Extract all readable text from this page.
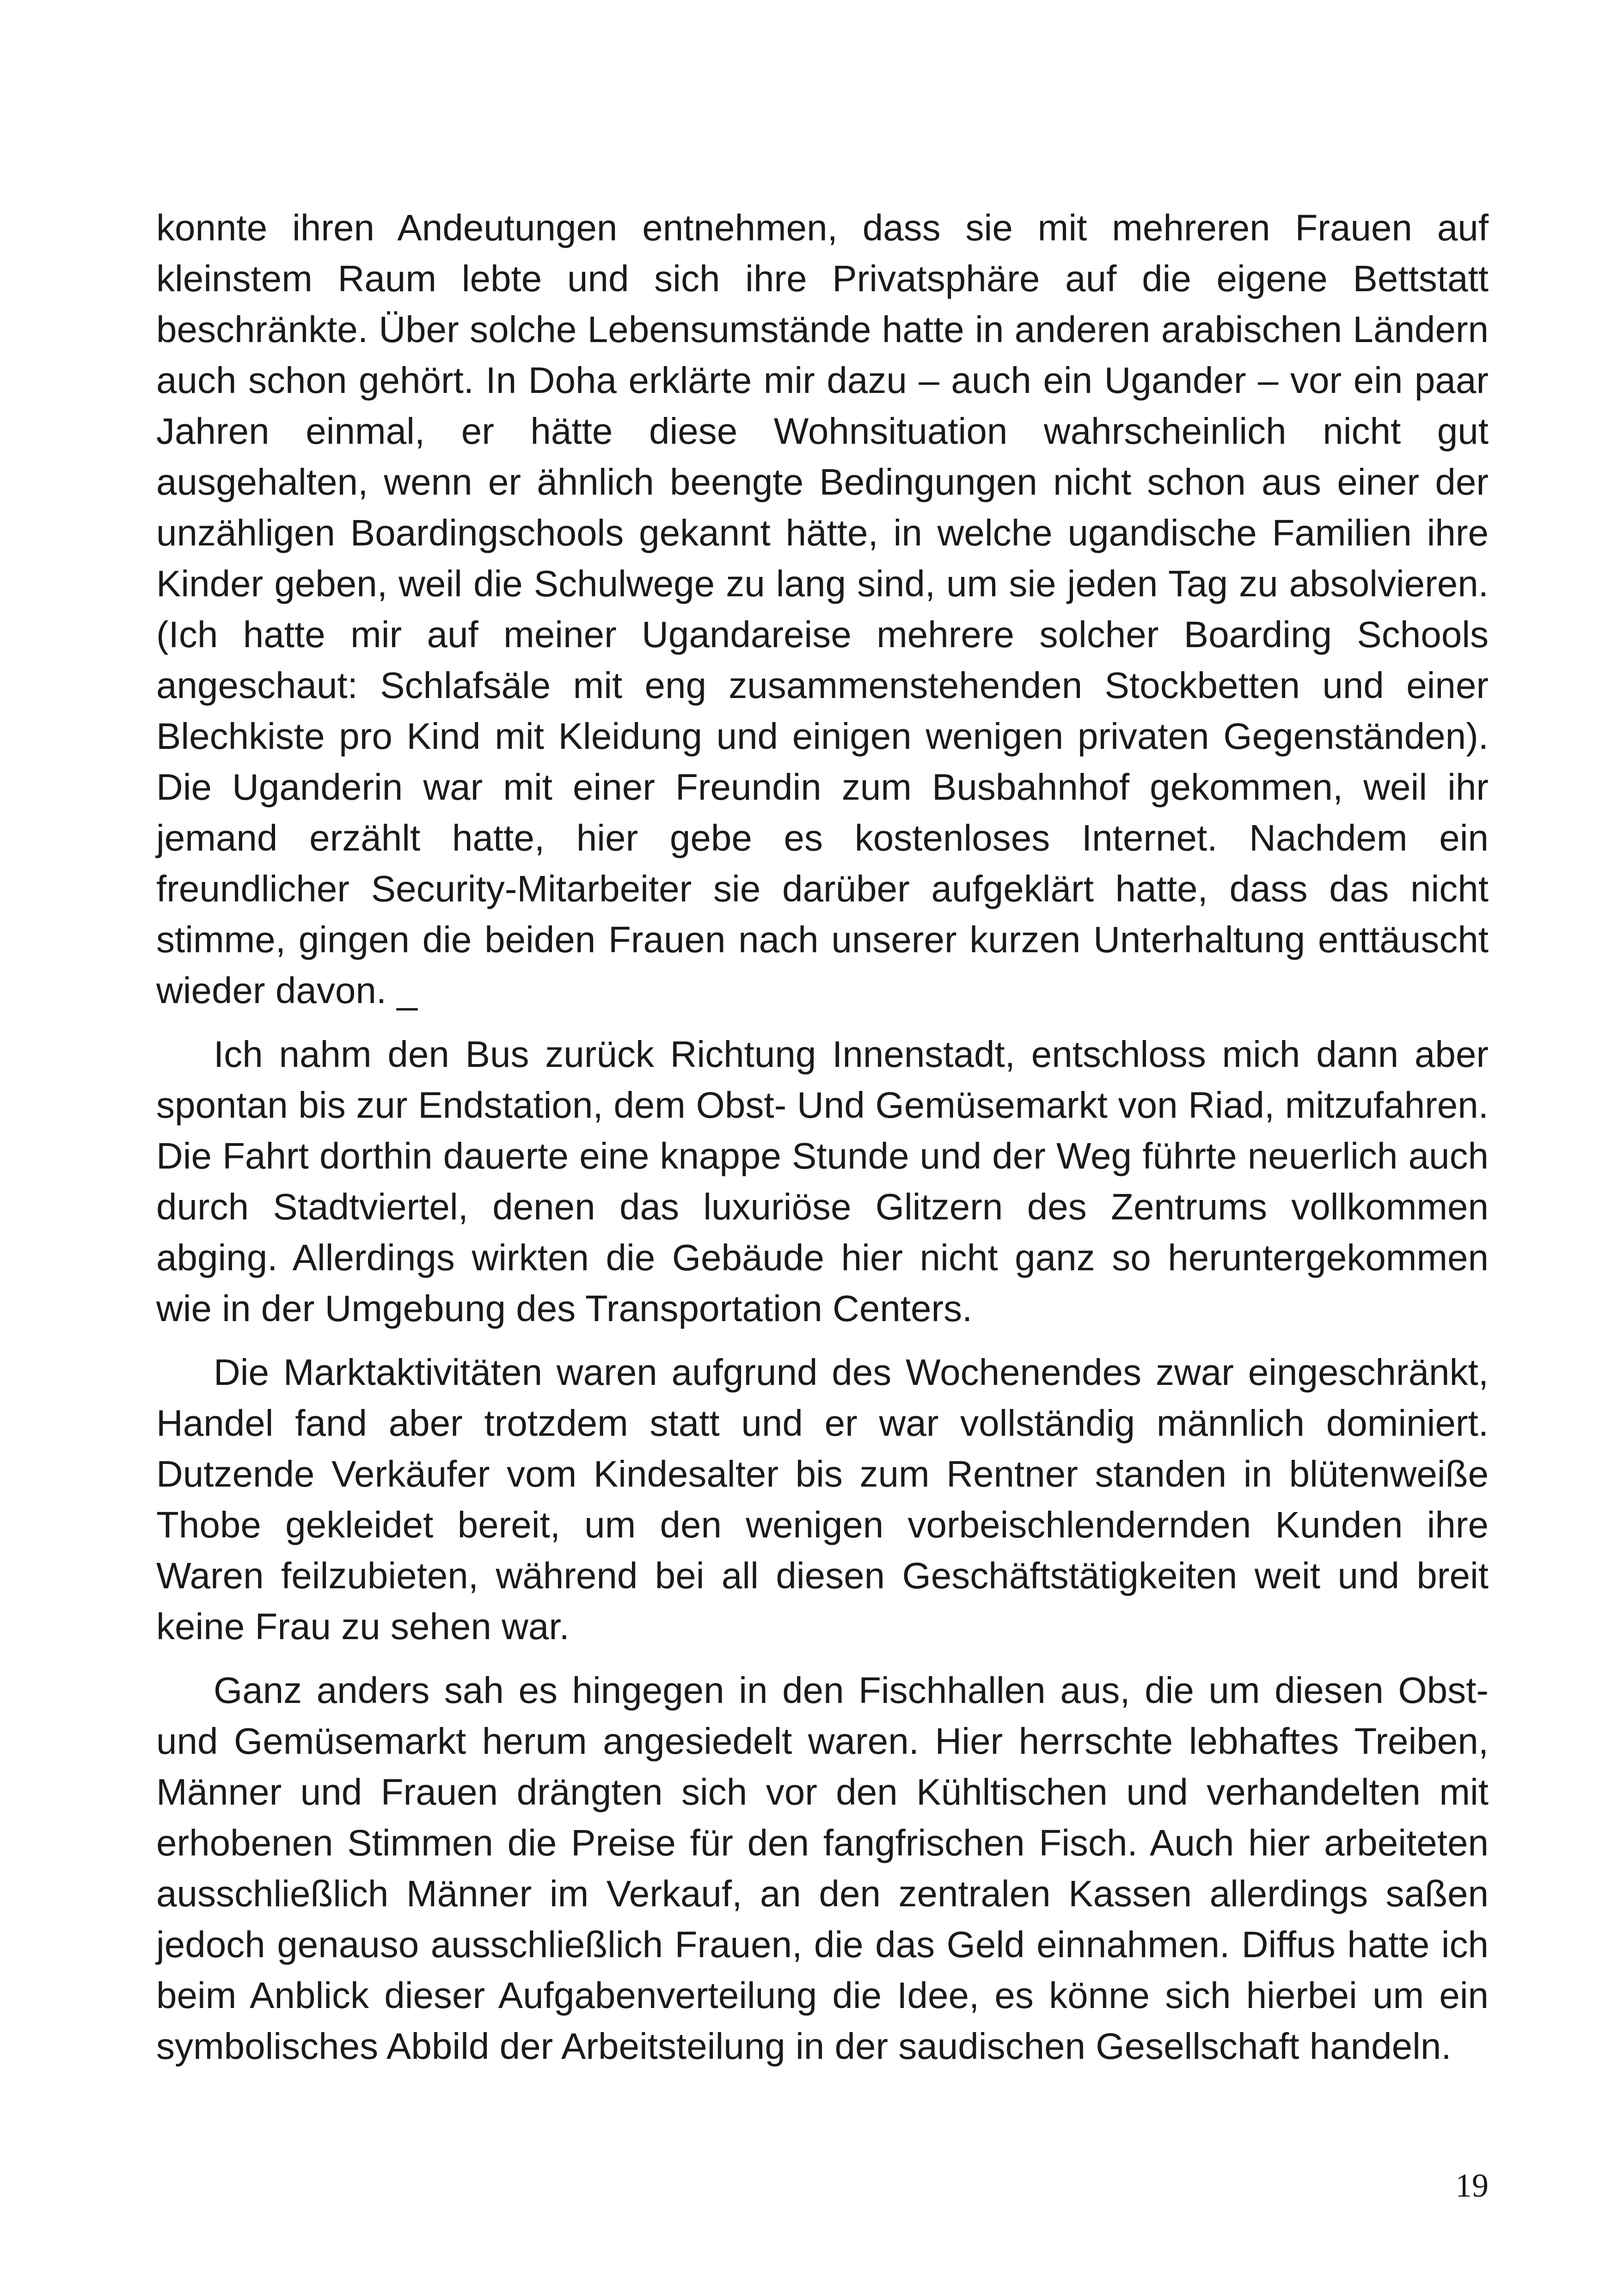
konnte ihren Andeutungen entnehmen, dass sie mit mehreren Frauen auf kleinstem Raum lebte und sich ihre Privatsphäre auf die eigene Bettstatt beschränkte. Über solche Lebensumstände hatte in anderen arabischen Ländern auch schon gehört. In Doha erklärte mir dazu – auch ein Ugander – vor ein paar Jahren einmal, er hätte diese Wohnsituation wahrscheinlich nicht gut ausgehalten, wenn er ähnlich beengte Bedingungen nicht schon aus einer der unzähligen Boardingschools gekannt hätte, in welche ugandische Familien ihre Kinder geben, weil die Schulwege zu lang sind, um sie jeden Tag zu absolvieren. (Ich hatte mir auf meiner Ugandareise mehrere solcher Boarding Schools angeschaut: Schlafsäle mit eng zusammenstehenden Stockbetten und einer Blechkiste pro Kind mit Kleidung und einigen wenigen privaten Gegenständen). Die Uganderin war mit einer Freundin zum Busbahnhof gekommen, weil ihr jemand erzählt hatte, hier gebe es kostenloses Internet. Nachdem ein freundlicher Security-Mitarbeiter sie darüber aufgeklärt hatte, dass das nicht stimme, gingen die beiden Frauen nach unserer kurzen Unterhaltung enttäuscht wieder davon. _

Ich nahm den Bus zurück Richtung Innenstadt, entschloss mich dann aber spontan bis zur Endstation, dem Obst- Und Gemüsemarkt von Riad, mitzufahren. Die Fahrt dorthin dauerte eine knappe Stunde und der Weg führte neuerlich auch durch Stadtviertel, denen das luxuriöse Glitzern des Zentrums vollkommen abging. Allerdings wirkten die Gebäude hier nicht ganz so heruntergekommen wie in der Umgebung des Transportation Centers.

Die Marktaktivitäten waren aufgrund des Wochenendes zwar eingeschränkt, Handel fand aber trotzdem statt und er war vollständig männlich dominiert. Dutzende Verkäufer vom Kindesalter bis zum Rentner standen in blütenweiße Thobe gekleidet bereit, um den wenigen vorbeischlendernden Kunden ihre Waren feilzubieten, während bei all diesen Geschäftstätigkeiten weit und breit keine Frau zu sehen war.

Ganz anders sah es hingegen in den Fischhallen aus, die um diesen Obst- und Gemüsemarkt herum angesiedelt waren. Hier herrschte lebhaftes Treiben, Männer und Frauen drängten sich vor den Kühltischen und verhandelten mit erhobenen Stimmen die Preise für den fangfrischen Fisch. Auch hier arbeiteten ausschließlich Männer im Verkauf, an den zentralen Kassen allerdings saßen jedoch genauso ausschließlich Frauen, die das Geld einnahmen. Diffus hatte ich beim Anblick dieser Aufgabenverteilung die Idee, es könne sich hierbei um ein symbolisches Abbild der Arbeitsteilung in der saudischen Gesellschaft handeln.

19
